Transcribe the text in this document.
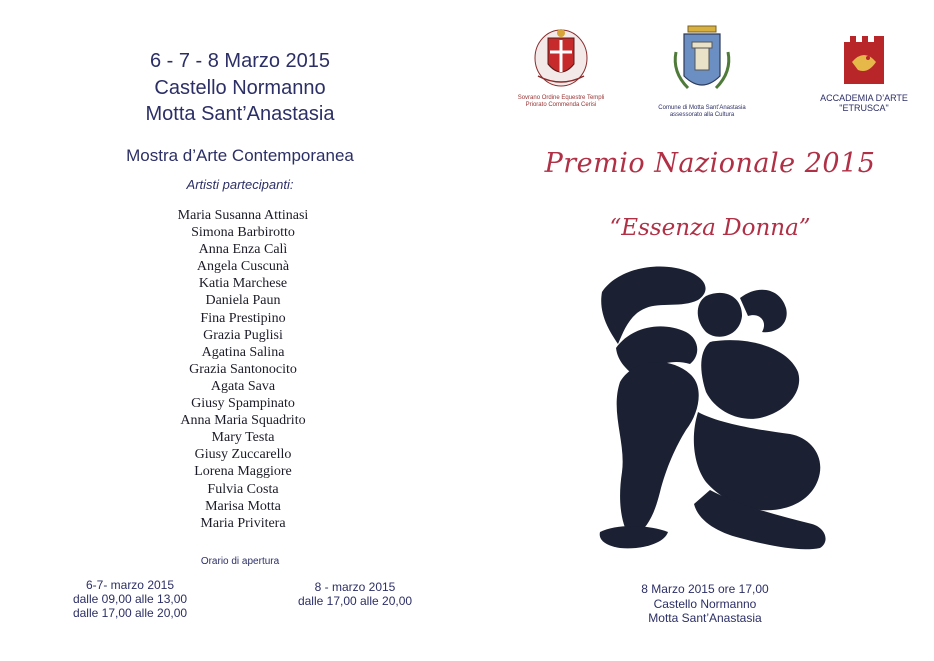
6 - 7 - 8 Marzo 2015
Castello Normanno
Motta Sant’Anastasia
Mostra d’Arte Contemporanea
Artisti partecipanti:
Maria Susanna Attinasi
Simona Barbirotto
Anna Enza Calì
Angela Cuscunà
Katia Marchese
Daniela Paun
Fina Prestipino
Grazia Puglisi
Agatina Salina
Grazia Santonocito
Agata Sava
Giusy Spampinato
Anna Maria Squadrito
Mary Testa
Giusy Zuccarello
Lorena Maggiore
Fulvia Costa
Marisa Motta
Maria Privitera
Orario di apertura
6-7- marzo 2015
dalle 09,00 alle 13,00
dalle 17,00 alle 20,00
8 - marzo 2015
dalle 17,00 alle 20,00
Sovrano Ordine Equestre Templi
Priorato Commenda Cerisi	Comune di Motta Sant’Anastasia
assessorato alla Cultura
ACCADEMIA D’ARTE
"ETRUSCA"
Premio Nazionale 2015
“Essenza Donna”
8 Marzo 2015 ore 17,00
Castello Normanno
Motta Sant’Anastasia
